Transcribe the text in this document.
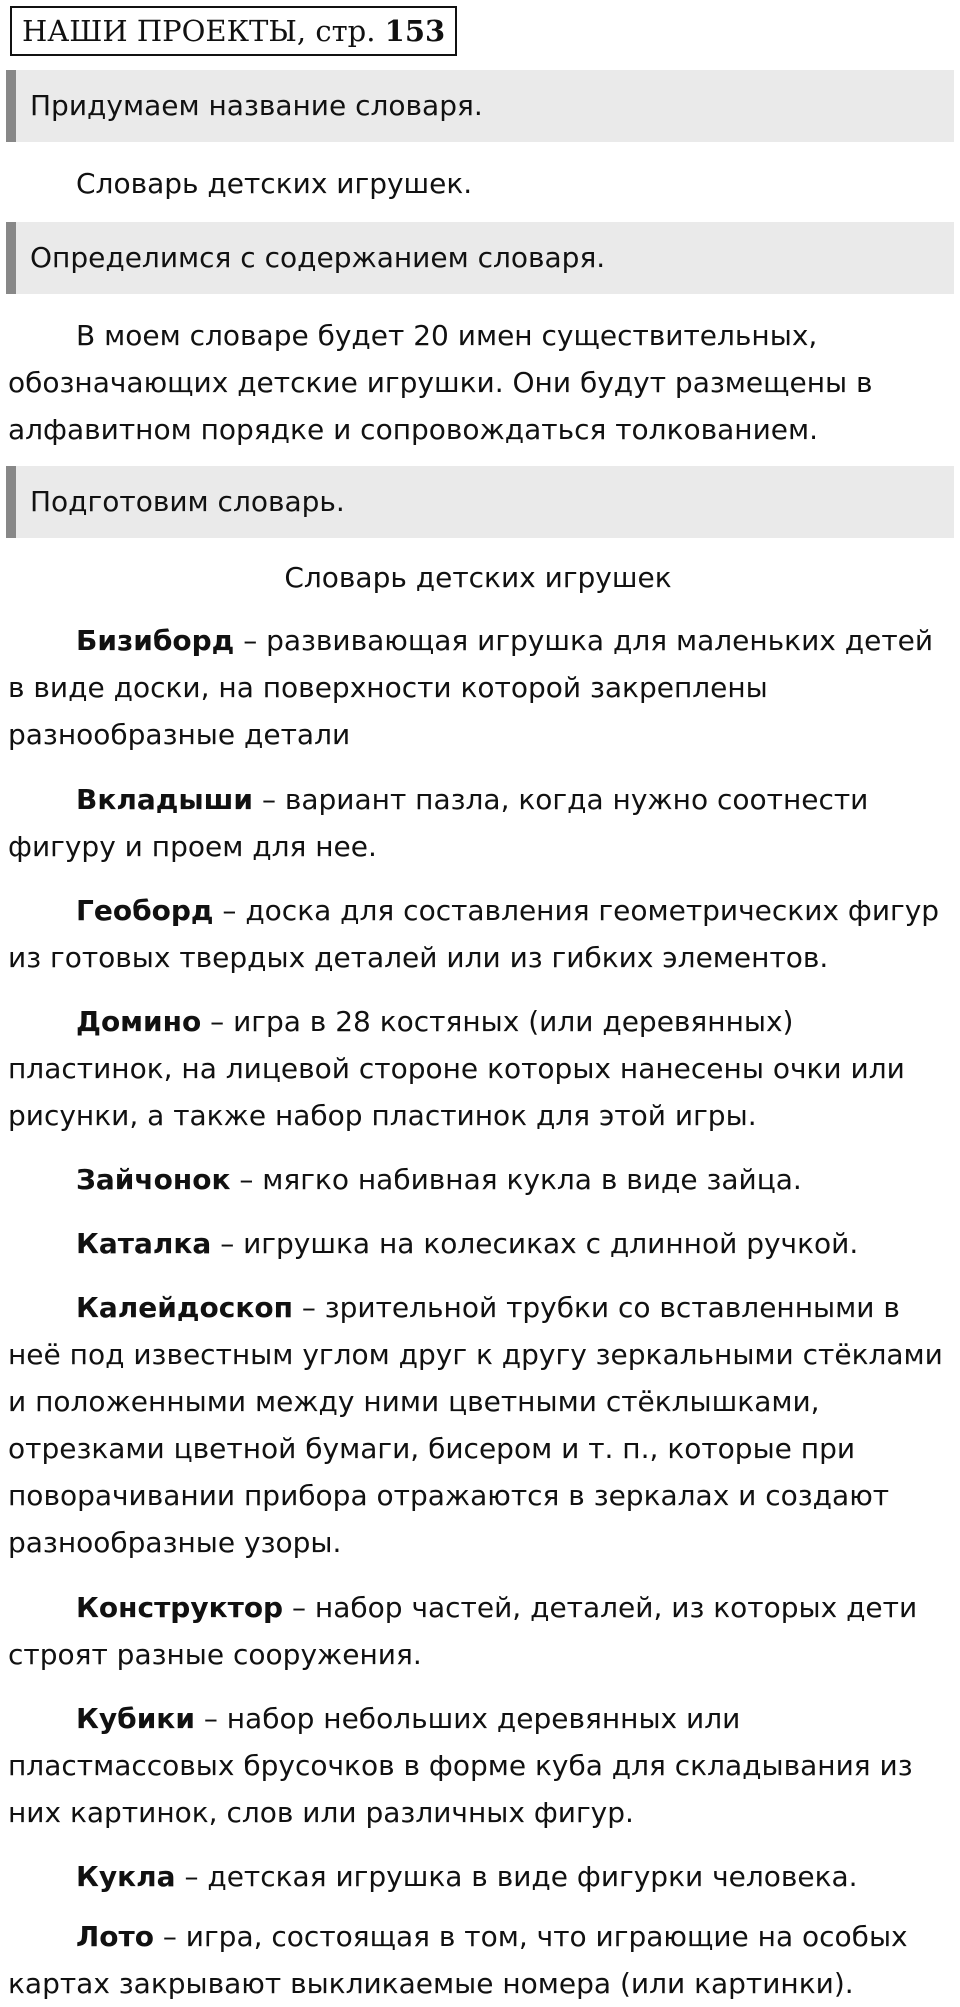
НАШИ ПРОЕКТЫ, стр. 153
Придумаем название словаря.
Словарь детских игрушек.
Определимся с содержанием словаря.
В моем словаре будет 20 имен существительных, обозначающих детские игрушки. Они будут размещены в алфавитном порядке и сопровождаться толкованием.
Подготовим словарь.
Словарь детских игрушек
Бизиборд – развивающая игрушка для маленьких детей в виде доски, на поверхности которой закреплены разнообразные детали
Вкладыши – вариант пазла, когда нужно соотнести фигуру и проем для нее.
Геоборд – доска для составления геометрических фигур из готовых твердых деталей или из гибких элементов.
Домино – игра в 28 костяных (или деревянных) пластинок, на лицевой стороне которых нанесены очки или рисунки, а также набор пластинок для этой игры.
Зайчонок – мягко набивная кукла в виде зайца.
Каталка – игрушка на колесиках с длинной ручкой.
Калейдоскоп – зрительной трубки со вставленными в неё под известным углом друг к другу зеркальными стёклами и положенными между ними цветными стёклышками, отрезками цветной бумаги, бисером и т. п., которые при поворачивании прибора отражаются в зеркалах и создают разнообразные узоры.
Конструктор – набор частей, деталей, из которых дети строят разные сооружения.
Кубики – набор небольших деревянных или пластмассовых брусочков в форме куба для складывания из них картинок, слов или различных фигур.
Кукла – детская игрушка в виде фигурки человека.
Лото – игра, состоящая в том, что играющие на особых картах закрывают выкликаемые номера (или картинки).
